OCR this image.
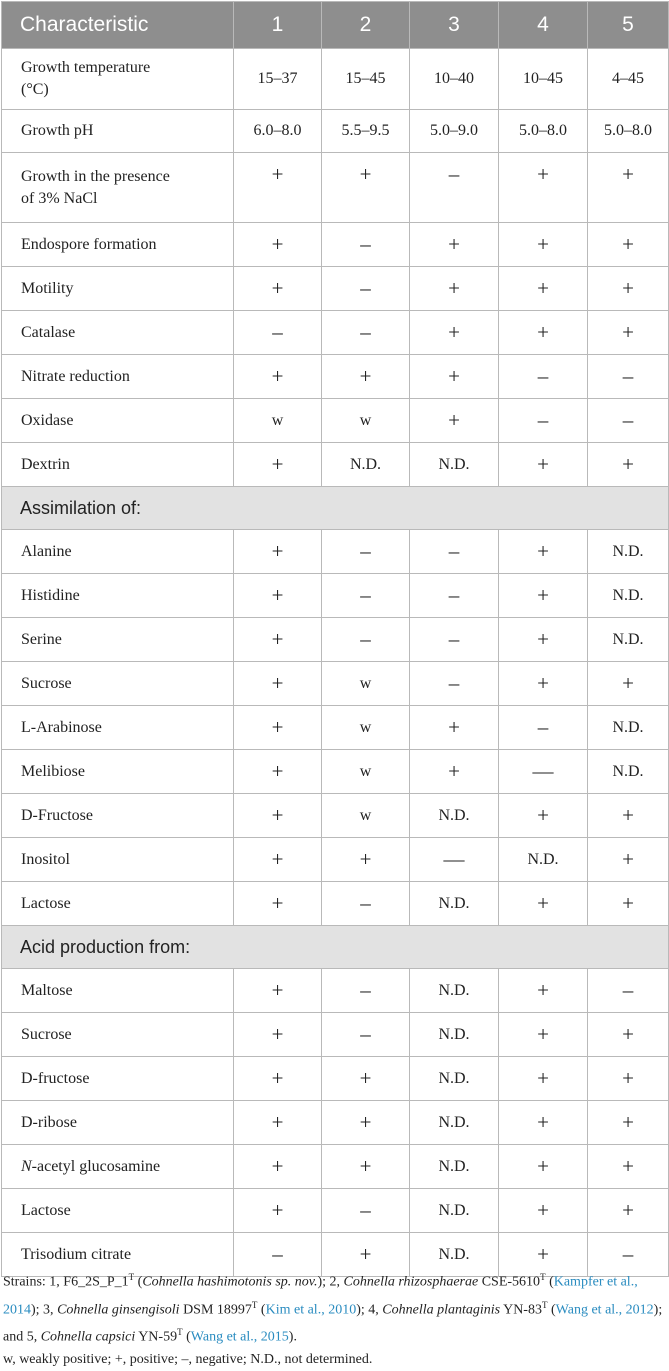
Characteristic	1	2	3	4	5
Growth temperature
(°C)	15–37	15–45	10–40	10–45	4–45
Growth pH	6.0–8.0	5.5–9.5	5.0–9.0	5.0–8.0	5.0–8.0
Growth in the presence
of 3% NaCl	+	+	–	+	+
Endospore formation	+	–	+	+	+
Motility	+	–	+	+	+
Catalase	–	–	+	+	+
Nitrate reduction	+	+	+	–	–
Oxidase	w	w	+	–	–
Dextrin	+	N.D.	N.D.	+	+
Assimilation of:					
Alanine	+	–	–	+	N.D.
Histidine	+	–	–	+	N.D.
Serine	+	–	–	+	N.D.
Sucrose	+	w	–	+	+
L-Arabinose	+	w	+	–	N.D.
Melibiose	+	w	+	—	N.D.
D-Fructose	+	w	N.D.	+	+
Inositol	+	+	—	N.D.	+
Lactose	+	–	N.D.	+	+
Acid production from:					
Maltose	+	–	N.D.	+	–
Sucrose	+	–	N.D.	+	+
D-fructose	+	+	N.D.	+	+
D-ribose	+	+	N.D.	+	+
N-acetyl glucosamine	+	+	N.D.	+	+
Lactose	+	–	N.D.	+	+
Trisodium citrate	–	+	N.D.	+	–
Strains: 1, $F6\_2S\_P\_1^T$ (Cohnella hashimotonis sp. nov.); 2, Cohnella rhizosphaerae CSE-$5610^T$ (Kampfer et al., 2014); 3, Cohnella ginsengisoli DSM $18997^T$ (Kim et al., 2010); 4, Cohnella plantaginis $YN-83^T$ (Wang et al., 2012); and 5, Cohnella capsici $YN-59^T$ (Wang et al., 2015).
w, weakly positive; +, positive; –, negative; N.D., not determined.
